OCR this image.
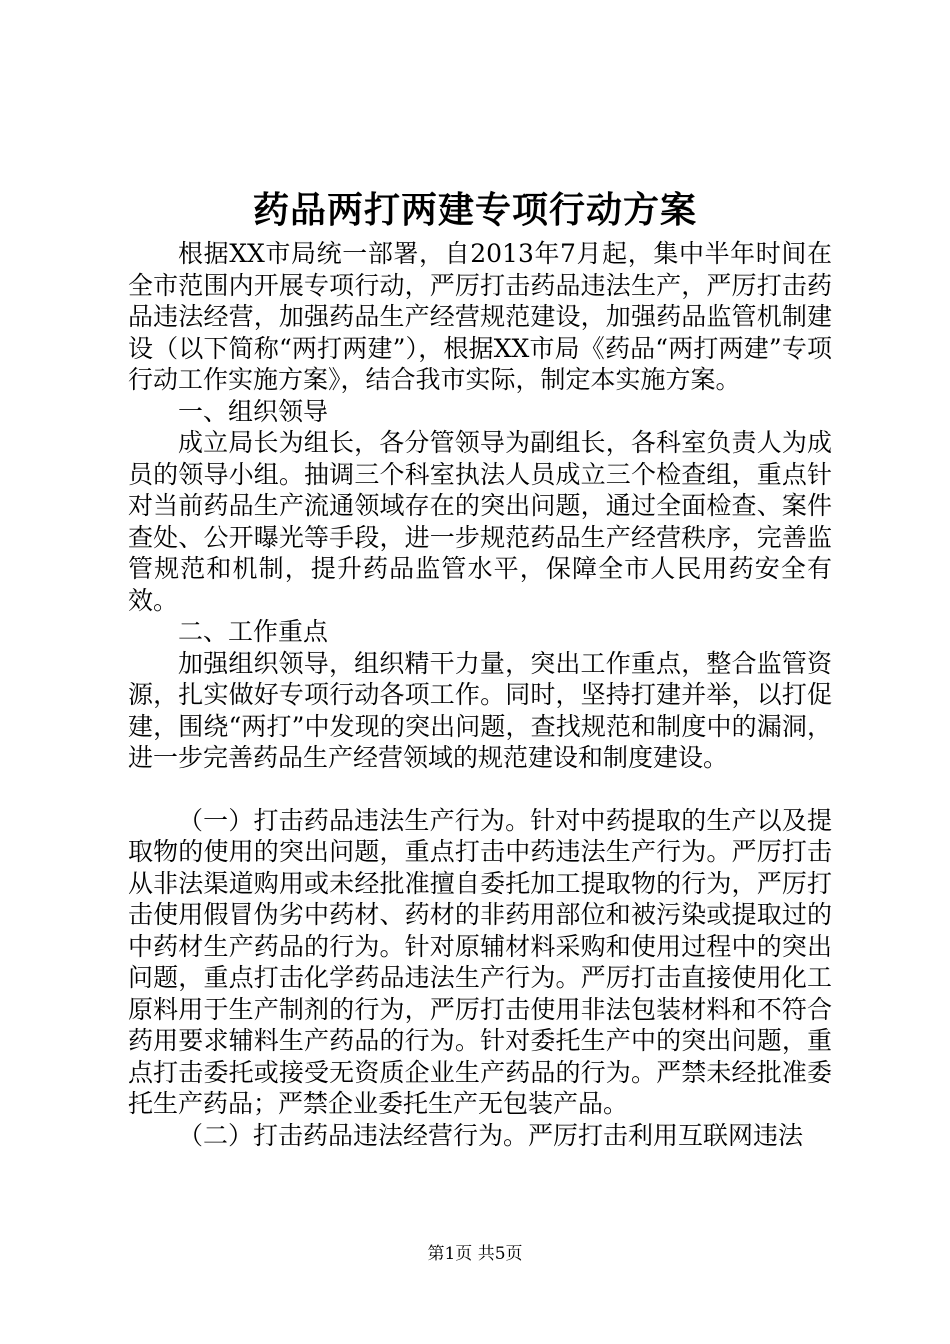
药品两打两建专项行动方案

根据XX市局统一部署，自2013年7月起，集中半年时间在全市范围内开展专项行动，严厉打击药品违法生产，严厉打击药品违法经营，加强药品生产经营规范建设，加强药品监管机制建设（以下简称“两打两建”），根据XX市局《药品“两打两建”专项行动工作实施方案》，结合我市实际，制定本实施方案。

一、组织领导

成立局长为组长，各分管领导为副组长，各科室负责人为成员的领导小组。抽调三个科室执法人员成立三个检查组，重点针对当前药品生产流通领域存在的突出问题，通过全面检查、案件查处、公开曝光等手段，进一步规范药品生产经营秩序，完善监管规范和机制，提升药品监管水平，保障全市人民用药安全有效。

二、工作重点

加强组织领导，组织精干力量，突出工作重点，整合监管资源，扎实做好专项行动各项工作。同时，坚持打建并举，以打促建，围绕“两打”中发现的突出问题，查找规范和制度中的漏洞，进一步完善药品生产经营领域的规范建设和制度建设。

（一）打击药品违法生产行为。针对中药提取的生产以及提取物的使用的突出问题，重点打击中药违法生产行为。严厉打击从非法渠道购用或未经批准擅自委托加工提取物的行为，严厉打击使用假冒伪劣中药材、药材的非药用部位和被污染或提取过的中药材生产药品的行为。针对原辅材料采购和使用过程中的突出问题，重点打击化学药品违法生产行为。严厉打击直接使用化工原料用于生产制剂的行为，严厉打击使用非法包装材料和不符合药用要求辅料生产药品的行为。针对委托生产中的突出问题，重点打击委托或接受无资质企业生产药品的行为。严禁未经批准委托生产药品；严禁企业委托生产无包装产品。

（二）打击药品违法经营行为。严厉打击利用互联网违法

第1页 共5页
